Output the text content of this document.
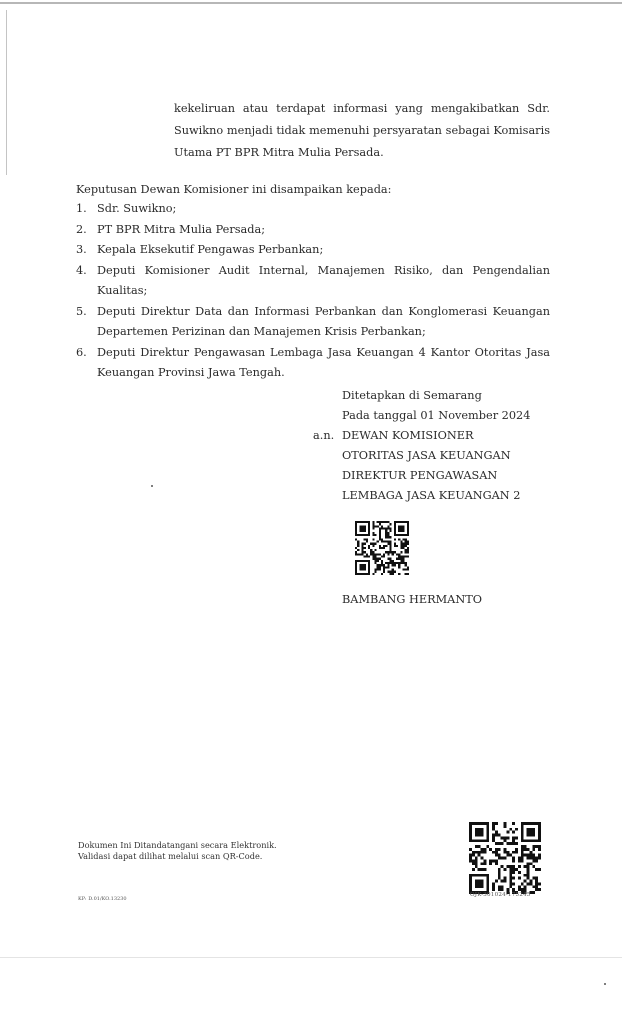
kekeliruan atau terdapat informasi yang mengakibatkan Sdr. Suwikno menjadi tidak memenuhi persyaratan sebagai Komisaris Utama PT BPR Mitra Mulia Persada.
Keputusan Dewan Komisioner ini disampaikan kepada:
1. Sdr. Suwikno;
2. PT BPR Mitra Mulia Persada;
3. Kepala Eksekutif Pengawas Perbankan;
4. Deputi Komisioner Audit Internal, Manajemen Risiko, dan Pengendalian Kualitas;
5. Deputi Direktur Data dan Informasi Perbankan dan Konglomerasi Keuangan Departemen Perizinan dan Manajemen Krisis Perbankan;
6. Deputi Direktur Pengawasan Lembaga Jasa Keuangan 4 Kantor Otoritas Jasa Keuangan Provinsi Jawa Tengah.
Ditetapkan di Semarang
Pada tanggal 01 November 2024
a.n. DEWAN KOMISIONER
OTORITAS JASA KEUANGAN
DIREKTUR PENGAWASAN
LEMBAGA JASA KEUANGAN 2
BAMBANG HERMANTO
Dokumen Ini Ditandatangani secara Elektronik.
Validasi dapat dilihat melalui scan QR-Code.
KP: D.01/KO.13230
OJK-301024-175245
